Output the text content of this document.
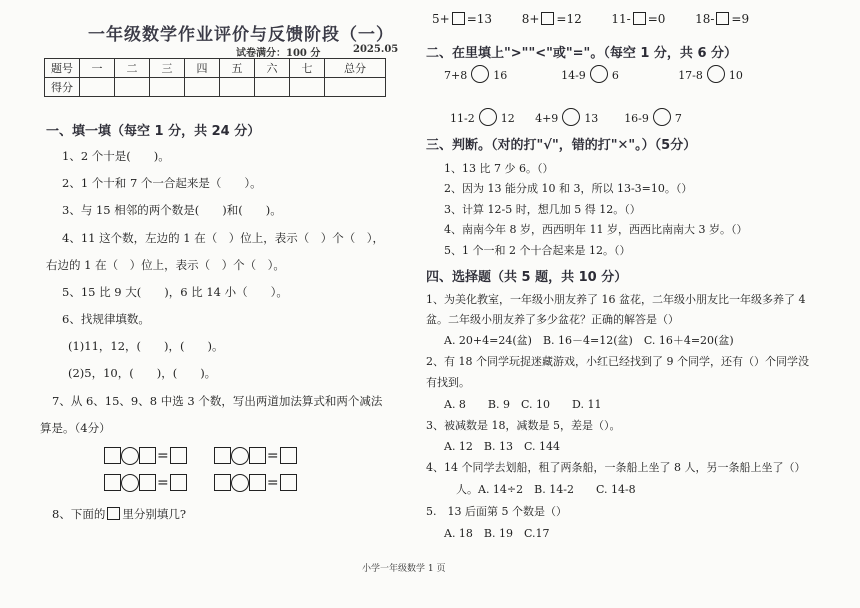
一年级数学作业评价与反馈阶段（一）
试卷满分：100 分	2025.05
题号	一	二	三	四	五	六	七	总分
得分								
一、填一填（每空 1 分，共 24 分）
1、2 个十是(　　)。
2、1 个十和 7 个一合起来是（　　）。
3、与 15 相邻的两个数是(　　)和(　　)。
4、11 这个数，左边的 1 在（　）位上，表示（　）个（　），
右边的 1 在（　）位上，表示（　）个（　）。
5、15 比 9 大(　　)，6 比 14 小（　　）。
6、找规律填数。
(1)11，12，(　　)，(　　)。
(2)5，10，(　　)，(　　)。
7、从 6、15、9、8 中选 3 个数，写出两道加法算式和两个减法
算是。（4分）
=	=
=	=
8、下面的 里分别填几?
5+ =13 8+ =12 11- =0 18- =9
二、在里填上">""<"或"="。（每空 1 分，共 6 分）
7+8 16	14-9 6	17-8 10
11-2 12 4+9 13 16-9 7
三、判断。（对的打"√"，错的打"✕"。）（5分）
1、13 比 7 少 6。（）
2、因为 13 能分成 10 和 3，所以 13-3=10。（）
3、计算 12-5 时，想几加 5 得 12。（）
4、南南今年 8 岁，西西明年 11 岁，西西比南南大 3 岁。（）
5、1 个一和 2 个十合起来是 12。（）
四、选择题（共 5 题，共 10 分）
1、为美化教室，一年级小朋友养了 16 盆花，二年级小朋友比一年级多养了 4
盆。二年级小朋友养了多少盆花？正确的解答是（）
A. 20+4=24(盆)　B. 16－4=12(盆)　C. 16＋4=20(盆)
2、有 18 个同学玩捉迷藏游戏，小红已经找到了 9 个同学，还有（）个同学没
有找到。
A. 8　　B. 9　C. 10　　D. 11
3、被减数是 18，减数是 5，差是（）。
A. 12　B. 13　C. 144
4、14 个同学去划船，租了两条船，一条船上坐了 8 人，另一条船上坐了（）
人。A. 14÷2　B. 14-2　　C. 14-8
5.　13 后面第 5 个数是（）
A. 18　B. 19　C.17
小学一年级数学 1 页
